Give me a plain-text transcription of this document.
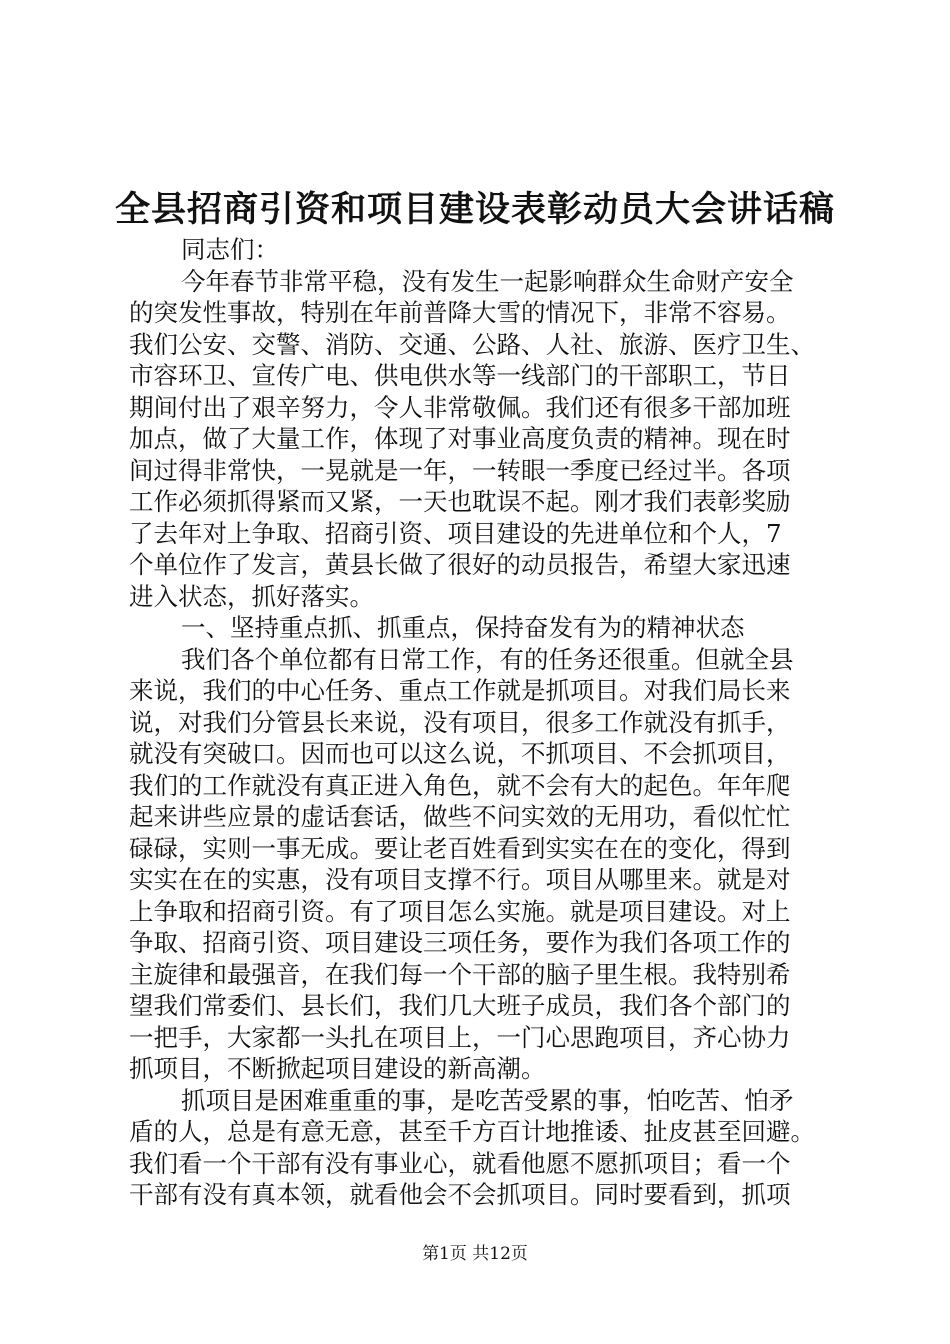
全县招商引资和项目建设表彰动员大会讲话稿
同志们：
今年春节非常平稳，没有发生一起影响群众生命财产安全
的突发性事故，特别在年前普降大雪的情况下，非常不容易。
我们公安、交警、消防、交通、公路、人社、旅游、医疗卫生、
市容环卫、宣传广电、供电供水等一线部门的干部职工，节日
期间付出了艰辛努力，令人非常敬佩。我们还有很多干部加班
加点，做了大量工作，体现了对事业高度负责的精神。现在时
间过得非常快，一晃就是一年，一转眼一季度已经过半。各项
工作必须抓得紧而又紧，一天也耽误不起。刚才我们表彰奖励
了去年对上争取、招商引资、项目建设的先进单位和个人，7
个单位作了发言，黄县长做了很好的动员报告，希望大家迅速
进入状态，抓好落实。
一、坚持重点抓、抓重点，保持奋发有为的精神状态
我们各个单位都有日常工作，有的任务还很重。但就全县
来说，我们的中心任务、重点工作就是抓项目。对我们局长来
说，对我们分管县长来说，没有项目，很多工作就没有抓手，
就没有突破口。因而也可以这么说，不抓项目、不会抓项目，
我们的工作就没有真正进入角色，就不会有大的起色。年年爬
起来讲些应景的虚话套话，做些不问实效的无用功，看似忙忙
碌碌，实则一事无成。要让老百姓看到实实在在的变化，得到
实实在在的实惠，没有项目支撑不行。项目从哪里来。就是对
上争取和招商引资。有了项目怎么实施。就是项目建设。对上
争取、招商引资、项目建设三项任务，要作为我们各项工作的
主旋律和最强音，在我们每一个干部的脑子里生根。我特别希
望我们常委们、县长们，我们几大班子成员，我们各个部门的
一把手，大家都一头扎在项目上，一门心思跑项目，齐心协力
抓项目，不断掀起项目建设的新高潮。
抓项目是困难重重的事，是吃苦受累的事，怕吃苦、怕矛
盾的人，总是有意无意，甚至千方百计地推诿、扯皮甚至回避。
我们看一个干部有没有事业心，就看他愿不愿抓项目；看一个
干部有没有真本领，就看他会不会抓项目。同时要看到，抓项
第1页 共12页
